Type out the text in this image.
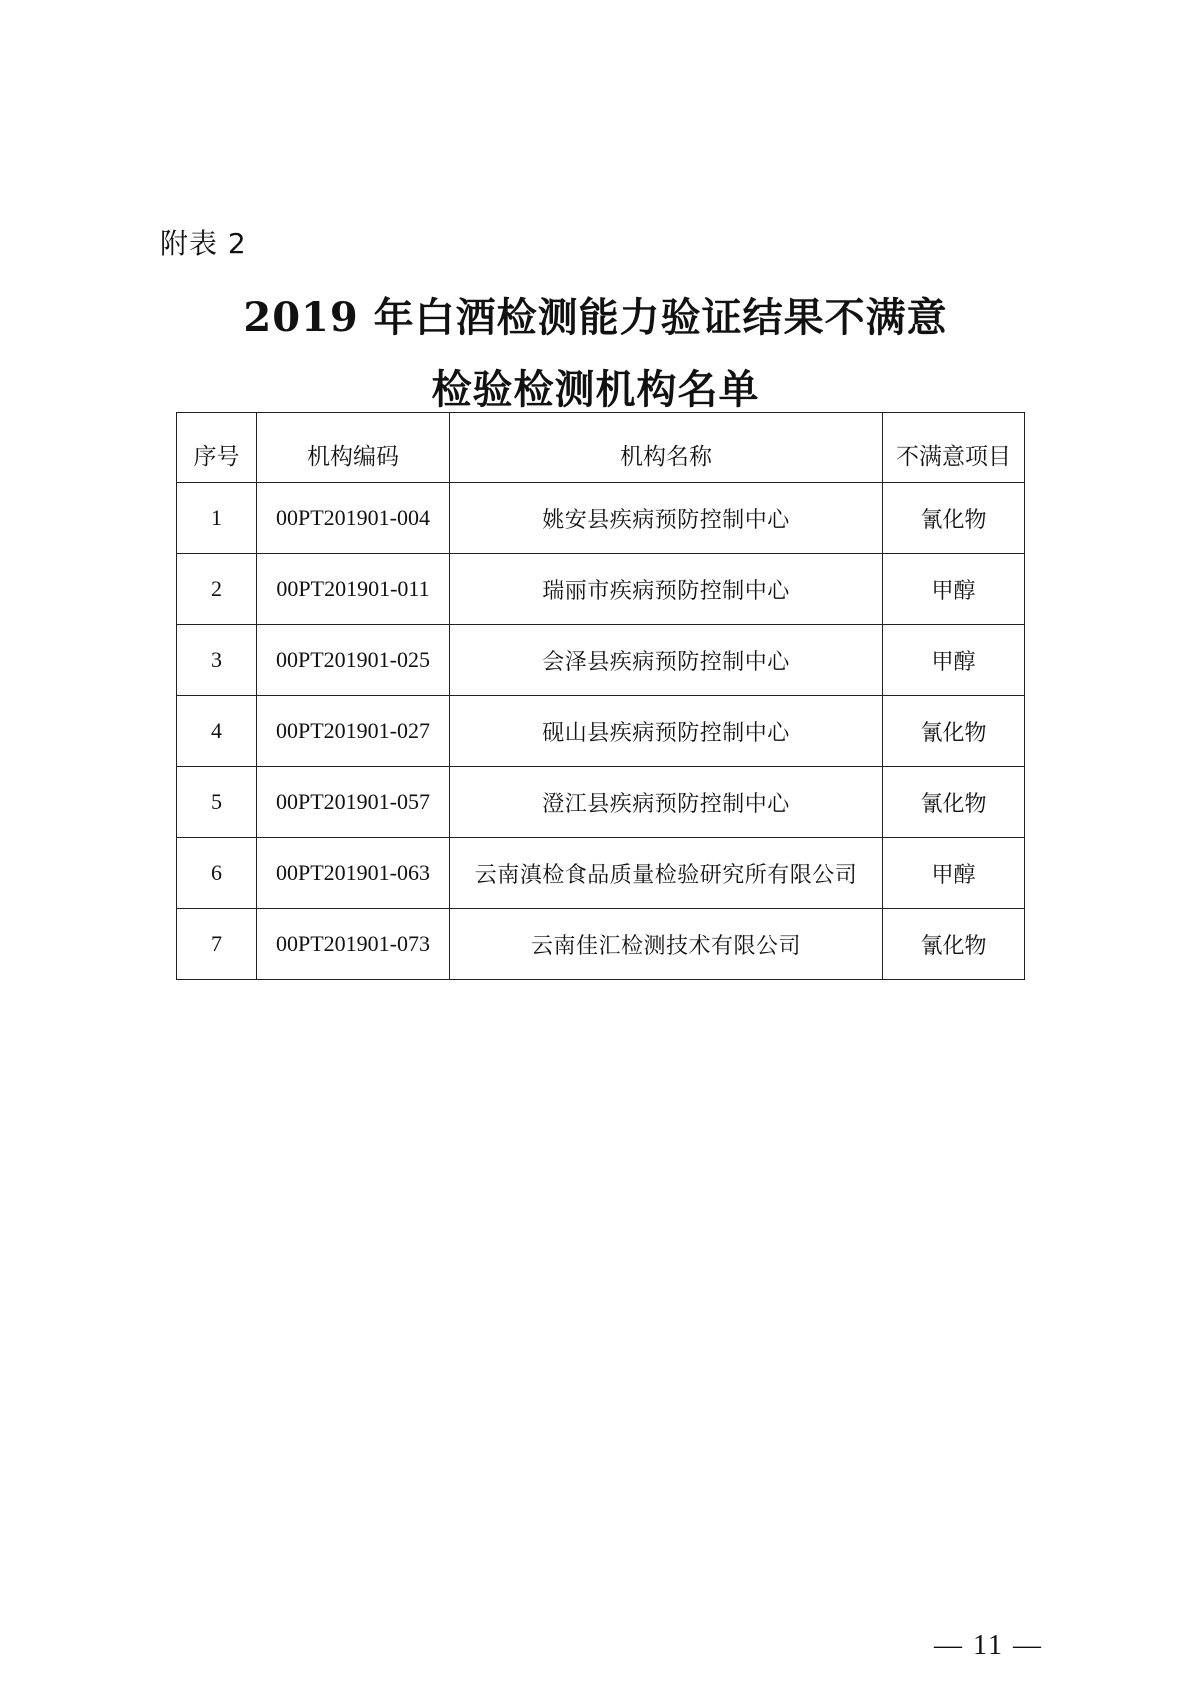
附表 2
2019 年白酒检测能力验证结果不满意
检验检测机构名单
序号	机构编码	机构名称	不满意项目
1	00PT201901-004	姚安县疾病预防控制中心	氰化物
2	00PT201901-011	瑞丽市疾病预防控制中心	甲醇
3	00PT201901-025	会泽县疾病预防控制中心	甲醇
4	00PT201901-027	砚山县疾病预防控制中心	氰化物
5	00PT201901-057	澄江县疾病预防控制中心	氰化物
6	00PT201901-063	云南滇检食品质量检验研究所有限公司	甲醇
7	00PT201901-073	云南佳汇检测技术有限公司	氰化物
— 11 —
